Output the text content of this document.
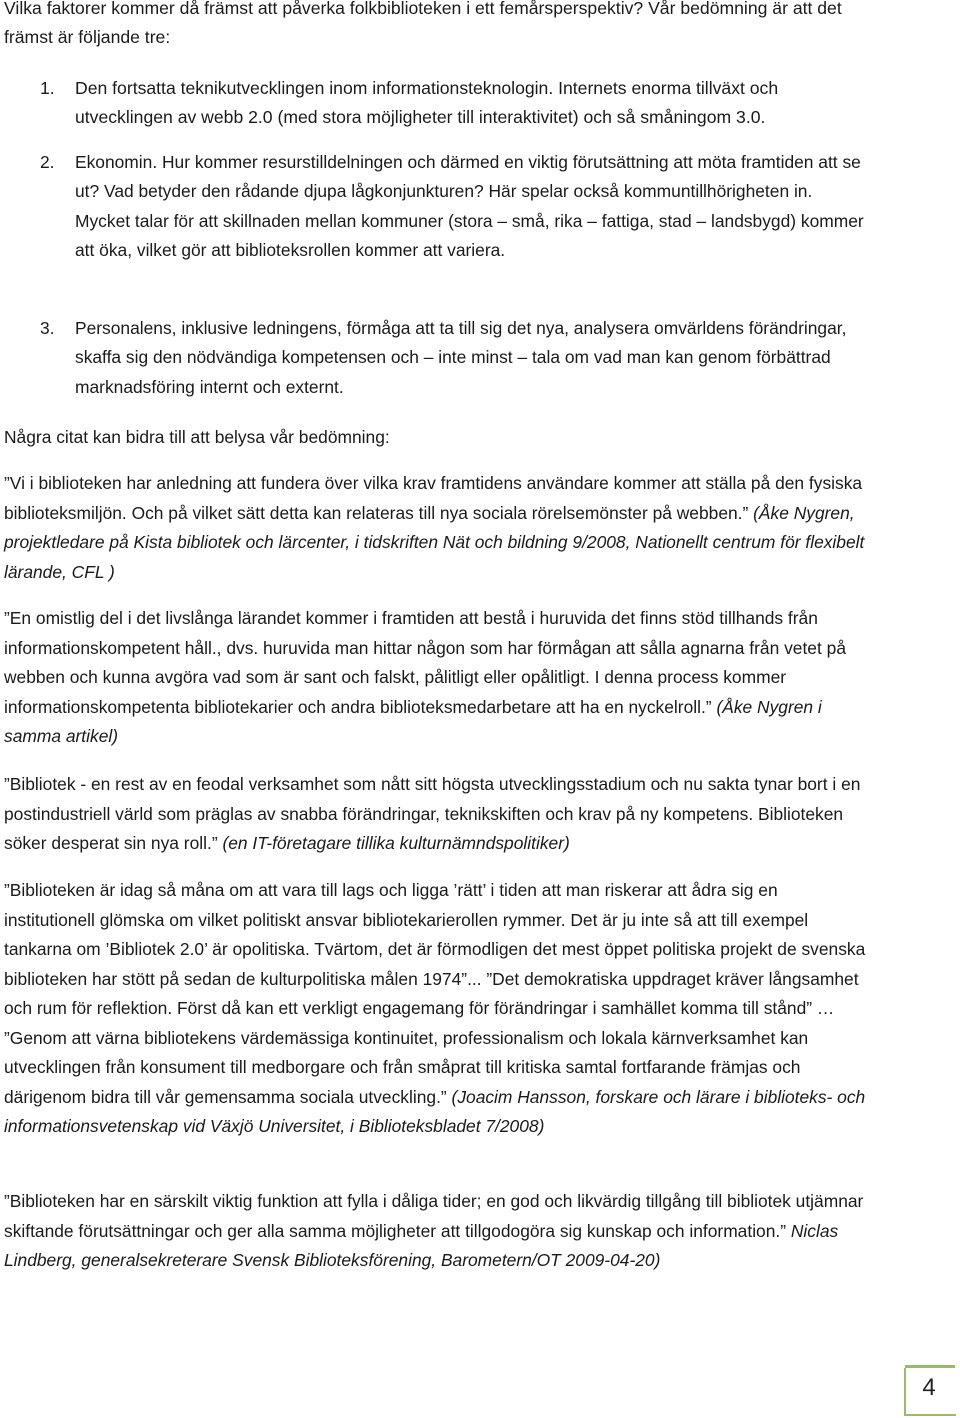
Vilka faktorer kommer då främst att påverka folkbiblioteken i ett femårsperspektiv? Vår bedömning är att det främst är följande tre:
1.	Den fortsatta teknikutvecklingen inom informationsteknologin. Internets enorma tillväxt och utvecklingen av webb 2.0 (med stora möjligheter till interaktivitet) och så småningom 3.0.
2.	Ekonomin. Hur kommer resurstilldelningen och därmed en viktig förutsättning att möta framtiden att se ut? Vad betyder den rådande djupa lågkonjunkturen? Här spelar också kommuntillhörigheten in. Mycket talar för att skillnaden mellan kommuner (stora – små, rika – fattiga, stad – landsbygd) kommer att öka, vilket gör att biblioteksrollen kommer att variera.
3.	Personalens, inklusive ledningens, förmåga att ta till sig det nya, analysera omvärldens förändringar, skaffa sig den nödvändiga kompetensen och – inte minst – tala om vad man kan genom förbättrad marknadsföring internt och externt.
Några citat kan bidra till att belysa vår bedömning:
”Vi i biblioteken har anledning att fundera över vilka krav framtidens användare kommer att ställa på den fysiska biblioteksmiljön. Och på vilket sätt detta kan relateras till nya sociala rörelsemönster på webben.” (Åke Nygren, projektledare på Kista bibliotek och lärcenter, i tidskriften Nät och bildning 9/2008, Nationellt centrum för flexibelt lärande, CFL )
”En omistlig del i det livslånga lärandet kommer i framtiden att bestå i huruvida det finns stöd tillhands från informationskompetent håll., dvs. huruvida man hittar någon som har förmågan att sålla agnarna från vetet på webben och kunna avgöra vad som är sant och falskt, pålitligt eller opålitligt. I denna process kommer informationskompetenta bibliotekarier och andra biblioteksmedarbetare att ha en nyckelroll.” (Åke Nygren i samma artikel)
”Bibliotek - en rest av en feodal verksamhet som nått sitt högsta utvecklingsstadium och nu sakta tynar bort i en postindustriell värld som präglas av snabba förändringar, teknikskiften och krav på ny kompetens. Biblioteken söker desperat sin nya roll.” (en IT-företagare tillika kulturnämndspolitiker)
”Biblioteken är idag så måna om att vara till lags och ligga ’rätt’ i tiden att man riskerar att ådra sig en institutionell glömska om vilket politiskt ansvar bibliotekarierollen rymmer. Det är ju inte så att till exempel tankarna om ’Bibliotek 2.0’ är opolitiska. Tvärtom, det är förmodligen det mest öppet politiska projekt de svenska biblioteken har stött på sedan de kulturpolitiska målen 1974”... ”Det demokratiska uppdraget kräver långsamhet och rum för reflektion. Först då kan ett verkligt engagemang för förändringar i samhället komma till stånd” … ”Genom att värna bibliotekens värdemässiga kontinuitet, professionalism och lokala kärnverksamhet kan utvecklingen från konsument till medborgare och från småprat till kritiska samtal fortfarande främjas och därigenom bidra till vår gemensamma sociala utveckling.” (Joacim Hansson, forskare och lärare i biblioteks- och informationsvetenskap vid Växjö Universitet, i Biblioteksbladet 7/2008)
”Biblioteken har en särskilt viktig funktion att fylla i dåliga tider; en god och likvärdig tillgång till bibliotek utjämnar skiftande förutsättningar och ger alla samma möjligheter att tillgodogöra sig kunskap och information.” Niclas Lindberg, generalsekreterare Svensk Biblioteksförening, Barometern/OT 2009-04-20)
4
